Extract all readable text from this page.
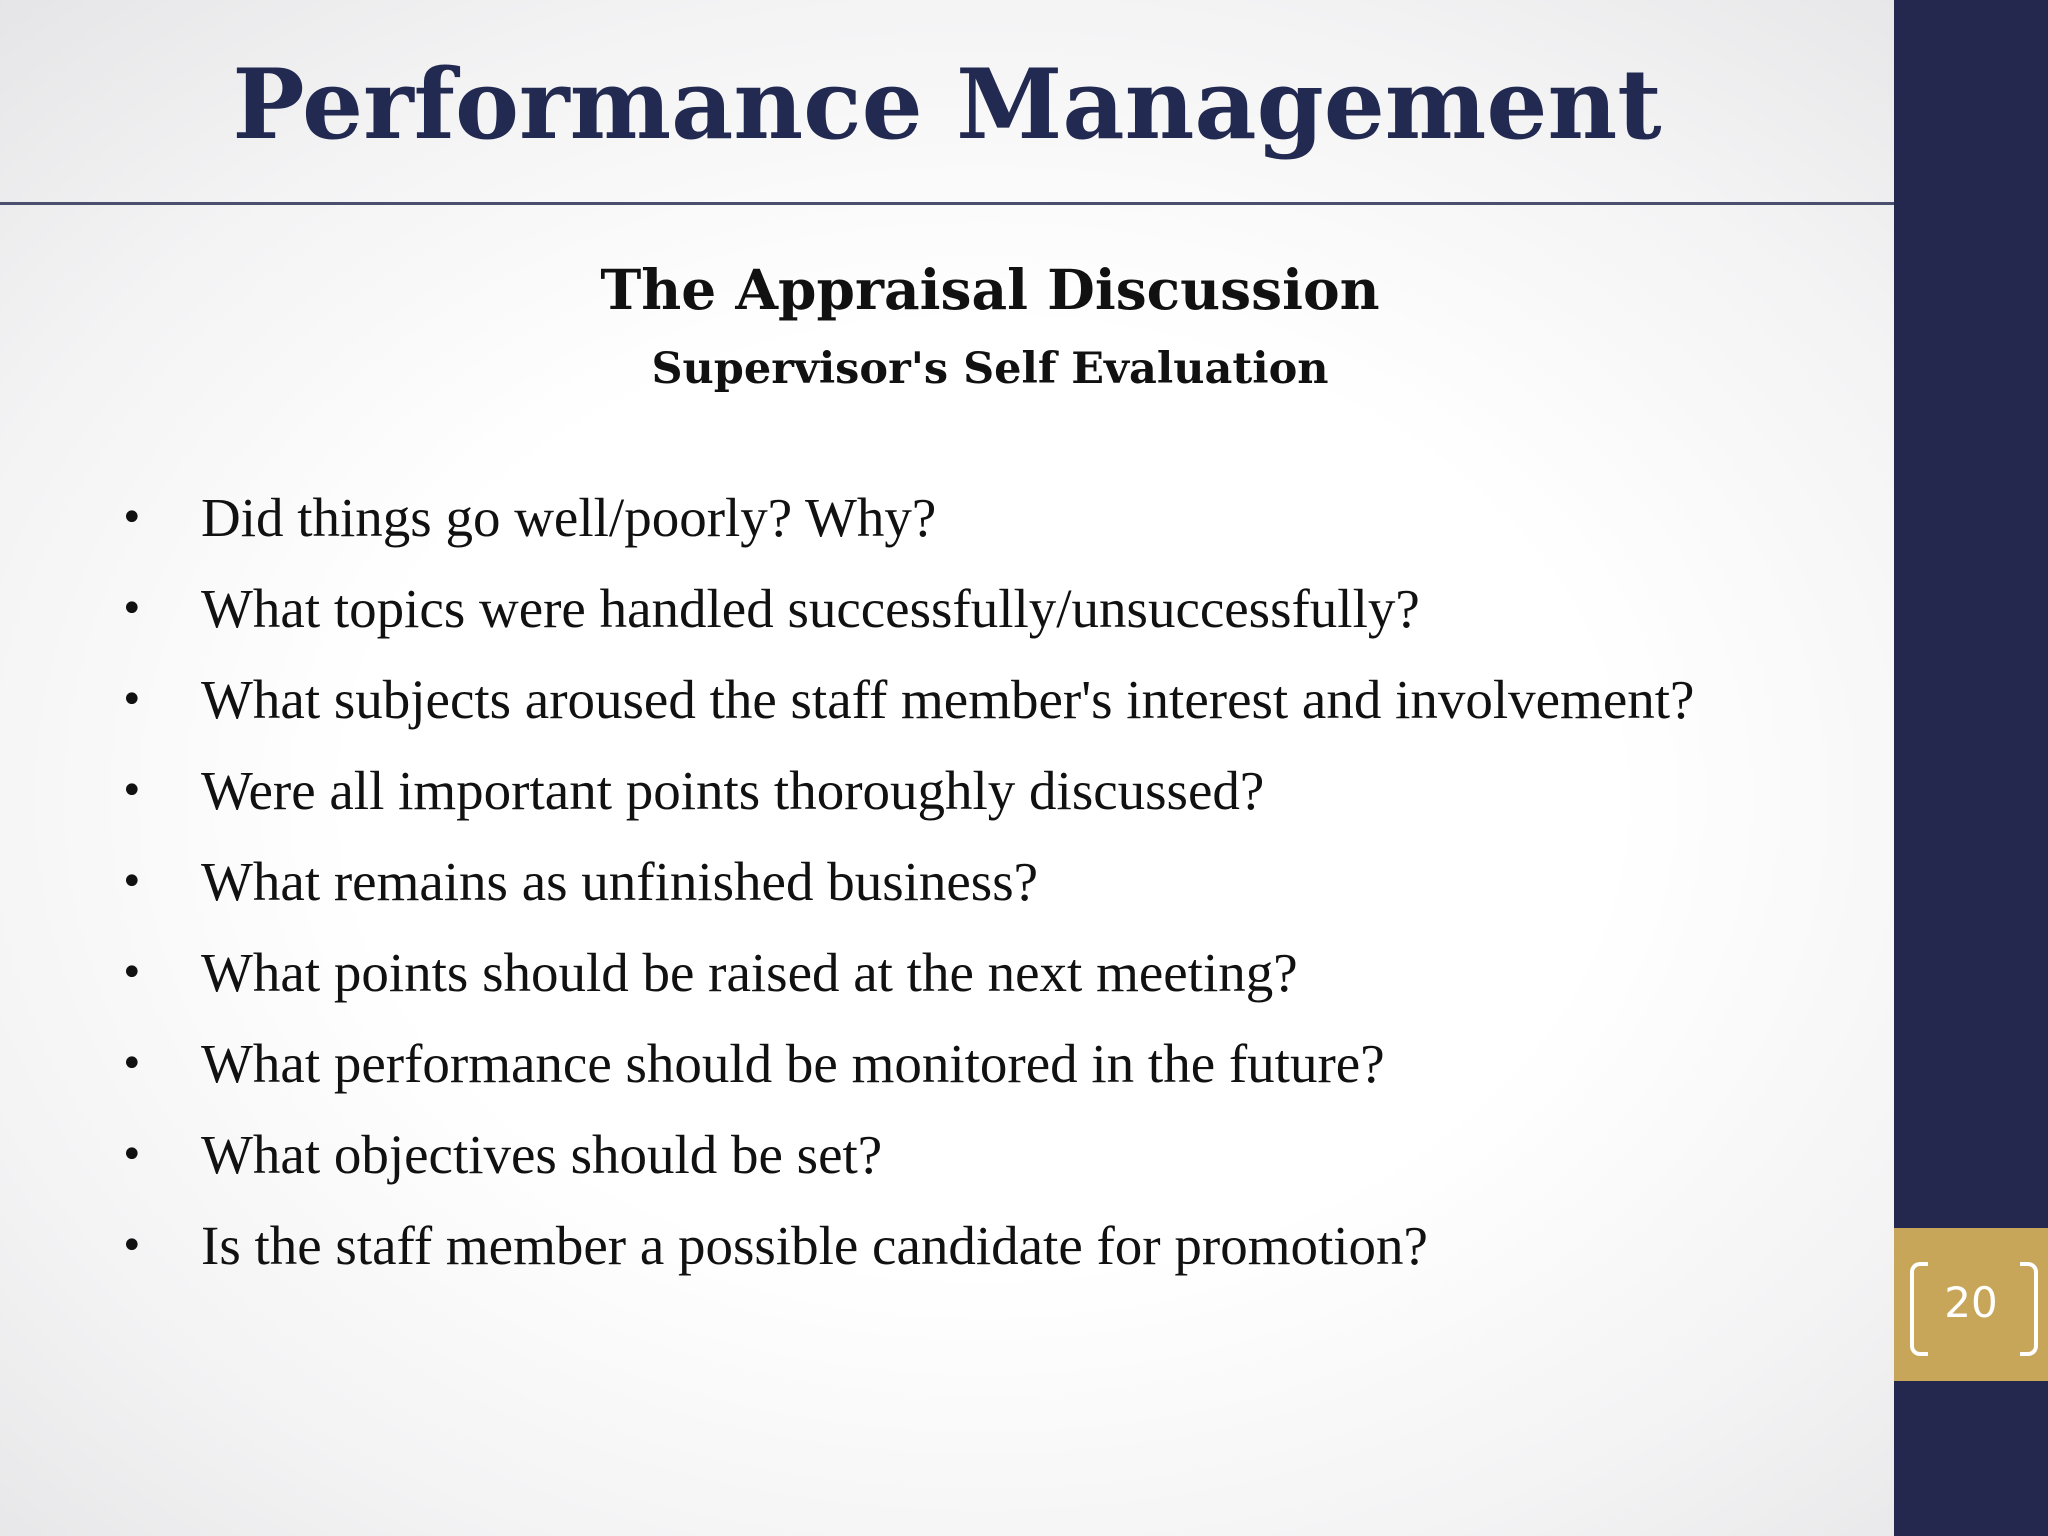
Performance Management
20
The Appraisal Discussion
Supervisor's Self Evaluation
• Did things go well/poorly? Why?
• What topics were handled successfully/unsuccessfully?
• What subjects aroused the staff member's interest and involvement?
• Were all important points thoroughly discussed?
• What remains as unfinished business?
• What points should be raised at the next meeting?
• What performance should be monitored in the future?
• What objectives should be set?
• Is the staff member a possible candidate for promotion?
